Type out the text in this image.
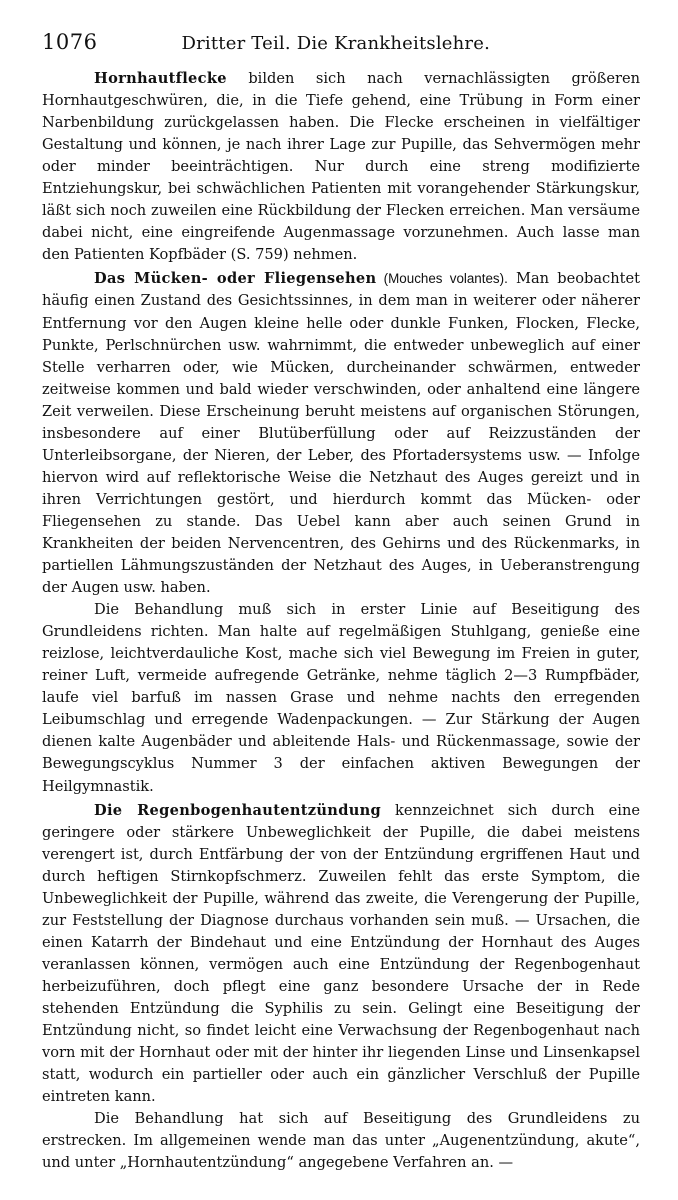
1076	Dritter Teil. Die Krankheitslehre.

Hornhautflecke bilden sich nach vernachlässigten größeren Hornhautgeschwüren, die, in die Tiefe gehend, eine Trübung in Form einer Narbenbildung zurückgelassen haben. Die Flecke erscheinen in vielfältiger Gestaltung und können, je nach ihrer Lage zur Pupille, das Sehvermögen mehr oder minder beeinträchtigen. Nur durch eine streng modifizierte Entziehungskur, bei schwächlichen Patienten mit vorangehender Stärkungskur, läßt sich noch zuweilen eine Rückbildung der Flecken erreichen. Man versäume dabei nicht, eine eingreifende Augenmassage vorzunehmen. Auch lasse man den Patienten Kopfbäder (S. 759) nehmen.

Das Mücken- oder Fliegensehen (Mouches volantes). Man beobachtet häufig einen Zustand des Gesichtssinnes, in dem man in weiterer oder näherer Entfernung vor den Augen kleine helle oder dunkle Funken, Flocken, Flecke, Punkte, Perlschnürchen usw. wahrnimmt, die entweder unbeweglich auf einer Stelle verharren oder, wie Mücken, durcheinander schwärmen, entweder zeitweise kommen und bald wieder verschwinden, oder anhaltend eine längere Zeit verweilen. Diese Erscheinung beruht meistens auf organischen Störungen, insbesondere auf einer Blutüberfüllung oder auf Reizzuständen der Unterleibsorgane, der Nieren, der Leber, des Pfortadersystems usw. — Infolge hiervon wird auf reflektorische Weise die Netzhaut des Auges gereizt und in ihren Verrichtungen gestört, und hierdurch kommt das Mücken- oder Fliegensehen zu stande. Das Uebel kann aber auch seinen Grund in Krankheiten der beiden Nervencentren, des Gehirns und des Rückenmarks, in partiellen Lähmungszuständen der Netzhaut des Auges, in Ueberanstrengung der Augen usw. haben.

Die Behandlung muß sich in erster Linie auf Beseitigung des Grundleidens richten. Man halte auf regelmäßigen Stuhlgang, genieße eine reizlose, leichtverdauliche Kost, mache sich viel Bewegung im Freien in guter, reiner Luft, vermeide aufregende Getränke, nehme täglich 2—3 Rumpfbäder, laufe viel barfuß im nassen Grase und nehme nachts den erregenden Leibumschlag und erregende Wadenpackungen. — Zur Stärkung der Augen dienen kalte Augenbäder und ableitende Hals- und Rückenmassage, sowie der Bewegungscyklus Nummer 3 der einfachen aktiven Bewegungen der Heilgymnastik.

Die Regenbogenhautentzündung kennzeichnet sich durch eine geringere oder stärkere Unbeweglichkeit der Pupille, die dabei meistens verengert ist, durch Entfärbung der von der Entzündung ergriffenen Haut und durch heftigen Stirnkopfschmerz. Zuweilen fehlt das erste Symptom, die Unbeweglichkeit der Pupille, während das zweite, die Verengerung der Pupille, zur Feststellung der Diagnose durchaus vorhanden sein muß. — Ursachen, die einen Katarrh der Bindehaut und eine Entzündung der Hornhaut des Auges veranlassen können, vermögen auch eine Entzündung der Regenbogenhaut herbeizuführen, doch pflegt eine ganz besondere Ursache der in Rede stehenden Entzündung die Syphilis zu sein. Gelingt eine Beseitigung der Entzündung nicht, so findet leicht eine Verwachsung der Regenbogenhaut nach vorn mit der Hornhaut oder mit der hinter ihr liegenden Linse und Linsenkapsel statt, wodurch ein partieller oder auch ein gänzlicher Verschluß der Pupille eintreten kann.

Die Behandlung hat sich auf Beseitigung des Grundleidens zu erstrecken. Im allgemeinen wende man das unter „Augenentzündung, akute“, und unter „Hornhautentzündung“ angegebene Verfahren an. —
